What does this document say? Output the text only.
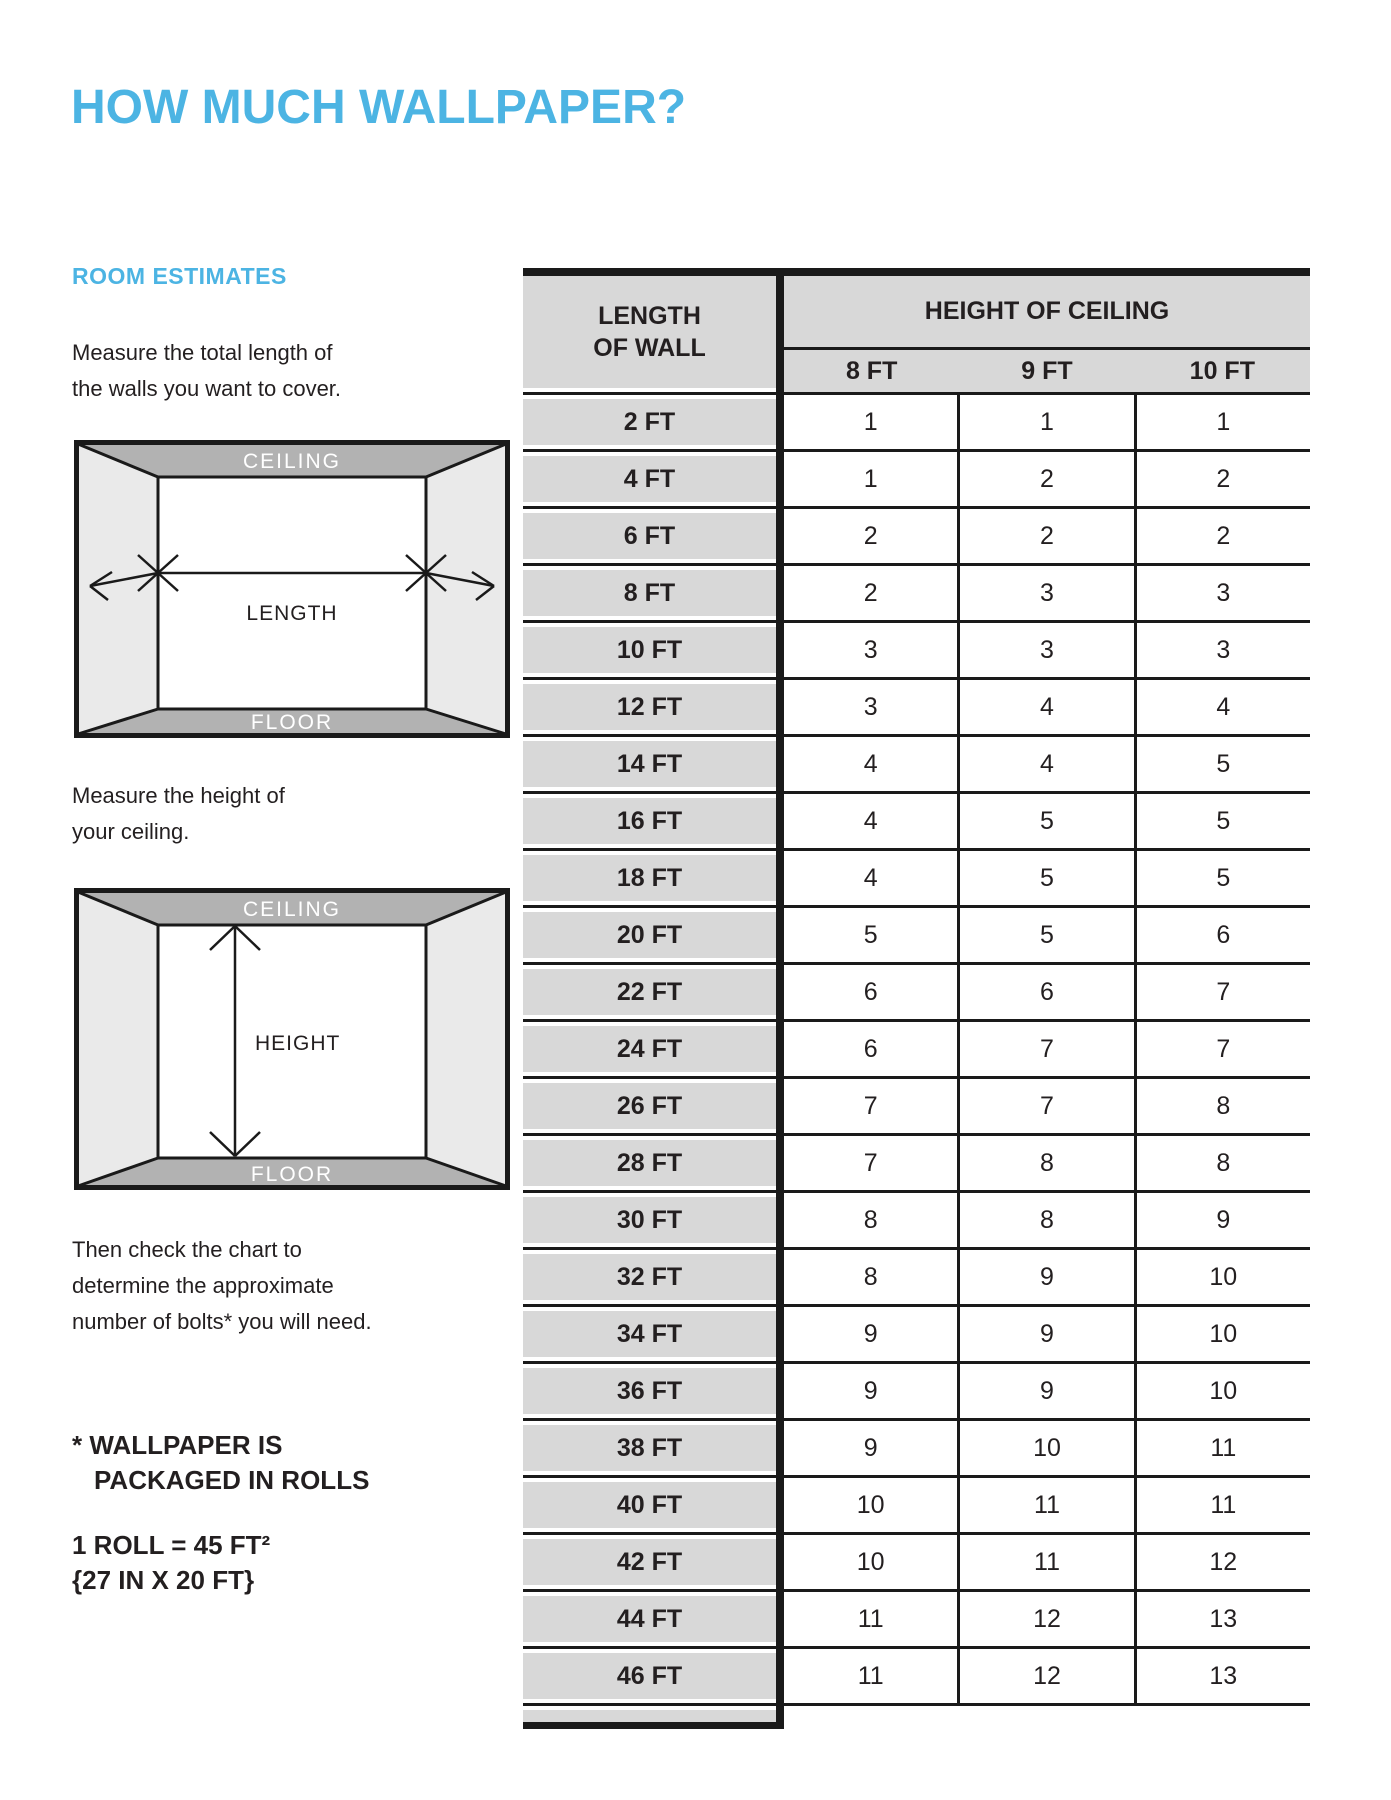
HOW MUCH WALLPAPER?
ROOM ESTIMATES
Measure the total length of
the walls you want to cover.
CEILING
FLOOR
LENGTH
Measure the height of
your ceiling.
CEILING
FLOOR
HEIGHT
Then check the chart to
determine the approximate
number of bolts* you will need.
* WALLPAPER IS
PACKAGED IN ROLLS
1 ROLL = 45 FT²
{27 IN X 20 FT}
LENGTH
OF WALL
HEIGHT OF CEILING
8 FT	9 FT	10 FT
2 FT	1	1	1
4 FT	1	2	2
6 FT	2	2	2
8 FT	2	3	3
10 FT	3	3	3
12 FT	3	4	4
14 FT	4	4	5
16 FT	4	5	5
18 FT	4	5	5
20 FT	5	5	6
22 FT	6	6	7
24 FT	6	7	7
26 FT	7	7	8
28 FT	7	8	8
30 FT	8	8	9
32 FT	8	9	10
34 FT	9	9	10
36 FT	9	9	10
38 FT	9	10	11
40 FT	10	11	11
42 FT	10	11	12
44 FT	11	12	13
46 FT	11	12	13
